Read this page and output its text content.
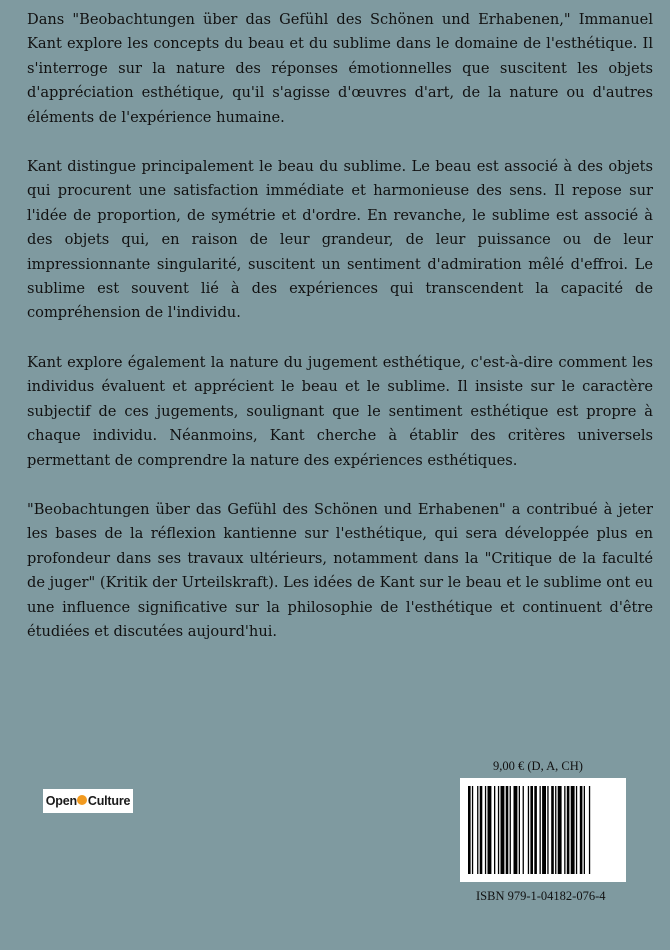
Dans "Beobachtungen über das Gefühl des Schönen und Erhabenen," Immanuel Kant explore les concepts du beau et du sublime dans le domaine de l'esthétique. Il s'interroge sur la nature des réponses émotionnelles que suscitent les objets d'appréciation esthétique, qu'il s'agisse d'œuvres d'art, de la nature ou d'autres éléments de l'expérience humaine.

Kant distingue principalement le beau du sublime. Le beau est associé à des objets qui procurent une satisfaction immédiate et harmonieuse des sens. Il repose sur l'idée de proportion, de symétrie et d'ordre. En revanche, le sublime est associé à des objets qui, en raison de leur grandeur, de leur puissance ou de leur impressionnante singularité, suscitent un sentiment d'admiration mêlé d'effroi. Le sublime est souvent lié à des expériences qui transcendent la capacité de compréhension de l'individu.

Kant explore également la nature du jugement esthétique, c'est-à-dire comment les individus évaluent et apprécient le beau et le sublime. Il insiste sur le caractère subjectif de ces jugements, soulignant que le sentiment esthétique est propre à chaque individu. Néanmoins, Kant cherche à établir des critères universels permettant de comprendre la nature des expériences esthétiques.

"Beobachtungen über das Gefühl des Schönen und Erhabenen" a contribué à jeter les bases de la réflexion kantienne sur l'esthétique, qui sera développée plus en profondeur dans ses travaux ultérieurs, notamment dans la "Critique de la faculté de juger" (Kritik der Urteilskraft). Les idées de Kant sur le beau et le sublime ont eu une influence significative sur la philosophie de l'esthétique et continuent d'être étudiées et discutées aujourd'hui.

Open Culture
9,00 € (D, A, CH)
ISBN 979-1-04182-076-4
